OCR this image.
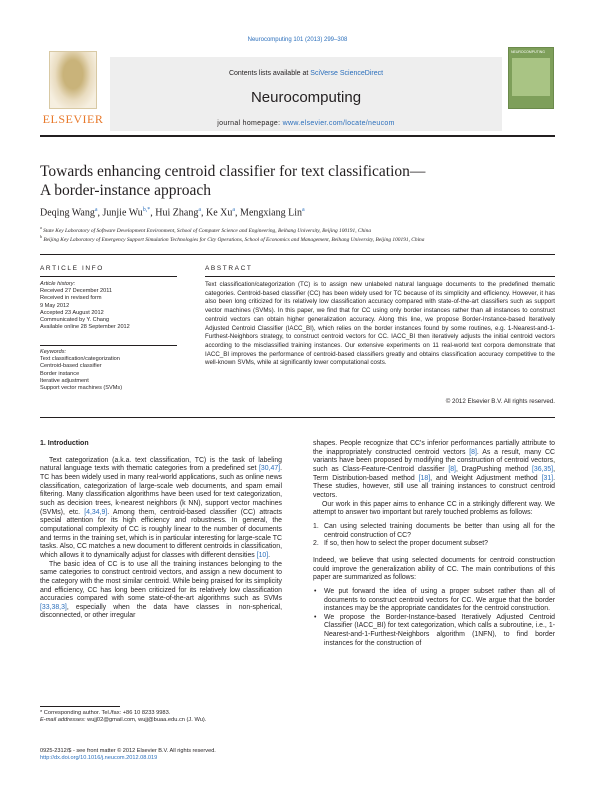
Neurocomputing 101 (2013) 299–308
ELSEVIER
Contents lists available at SciVerse ScienceDirect
Neurocomputing
journal homepage: www.elsevier.com/locate/neucom
NEUROCOMPUTING
Towards enhancing centroid classifier for text classification—
A border-instance approach
Deqing Wang$^a$, Junjie $Wu^{b,*}$, Hui Zhang$^a$, Ke Xu$^a$, Mengxiang Lin$^a$
$^a$ State Key Laboratory of Software Development Environment, School of Computer Science and Engineering, Beihang University, Beijing 100191, China
$^b$ Beijing Key Laboratory of Emergency Support Simulation Technologies for City Operations, School of Economics and Management, Beihang University, Beijing 100191, China
ARTICLE INFO
Article history:
Received 27 December 2011
Received in revised form
9 May 2012
Accepted 23 August 2012
Communicated by Y. Chang
Available online 28 September 2012
Keywords:
Text classification/categorization
Centroid-based classifier
Border instance
Iterative adjustment
Support vector machines (SVMs)
ABSTRACT
Text classification/categorization (TC) is to assign new unlabeled natural language documents to the predefined thematic categories. Centroid-based classifier (CC) has been widely used for TC because of its simplicity and efficiency. However, it has also been long criticized for its relatively low classification accuracy compared with state-of-the-art classifiers such as support vector machines (SVMs). In this paper, we find that for CC using only border instances rather than all instances to construct centroid vectors can obtain higher generalization accuracy. Along this line, we propose Border-Instance-based Iteratively Adjusted Centroid Classifier (IACC_BI), which relies on the border instances found by some routines, e.g. 1-Nearest-and-1-Furthest-Neighbors strategy, to construct centroid vectors for CC. IACC_BI then iteratively adjusts the initial centroid vectors according to the misclassified training instances. Our extensive experiments on 11 real-world text corpora demonstrate that IACC_BI improves the performance of centroid-based classifiers greatly and obtains classification accuracy competitive to the well-known SVMs, while at significantly lower computational costs.
© 2012 Elsevier B.V. All rights reserved.
1. Introduction

Text categorization (a.k.a. text classification, TC) is the task of labeling natural language texts with thematic categories from a predefined set [30,47]. TC has been widely used in many real-world applications, such as online news classification, categorization of large-scale web documents, and spam email filtering. Many classification algorithms have been used for text categorization, such as decision trees, k-nearest neighbors (k NN), support vector machines (SVMs), etc. [4,34,9]. Among them, centroid-based classifier (CC) attracts special attention for its high efficiency and robustness. In general, the computational complexity of CC is roughly linear to the number of documents and terms in the training set, which is in particular interesting for large-scale TC tasks. Also, CC matches a new document to different centroids in classification, which allows it to dynamically adjust for classes with different densities [10].

The basic idea of CC is to use all the training instances belonging to the same categories to construct centroid vectors, and assign a new document to the category with the most similar centroid. While being praised for its simplicity and efficiency, CC has long been criticized for its relatively low classification accuracies compared with some state-of-the-art algorithms such as SVMs [33,38,3], especially when the data have classes in non-spherical, disconnected, or other irregular

* Corresponding author. Tel./fax: +86 10 8233 9983.
E-mail addresses: wujj02@gmail.com, wujj@buaa.edu.cn (J. Wu).
0925-2312/$ - see front matter © 2012 Elsevier B.V. All rights reserved.
http://dx.doi.org/10.1016/j.neucom.2012.08.019

shapes. People recognize that CC's inferior performances partially attribute to the inappropriately constructed centroid vectors [8]. As a result, many CC variants have been proposed by modifying the construction of centroid vectors, such as Class-Feature-Centroid classifier [8], DragPushing method [36,35], Term Distribution-based method [18], and Weight Adjustment method [31]. These studies, however, still use all training instances to construct centroid vectors.

Our work in this paper aims to enhance CC in a strikingly different way. We attempt to answer two important but rarely touched problems as follows:

1. Can using selected training documents be better than using all for the centroid construction of CC?
2. If so, then how to select the proper document subset?

Indeed, we believe that using selected documents for centroid construction could improve the generalization ability of CC. The main contributions of this paper are summarized as follows:

• We put forward the idea of using a proper subset rather than all of documents to construct centroid vectors for CC. We argue that the border instances may be the appropriate candidates for the centroid construction.
• We propose the Border-Instance-based Iteratively Adjusted Centroid Classifier (IACC_BI) for text categorization, which calls a subroutine, i.e., 1-Nearest-and-1-Furthest-Neighbors algorithm (1NFN), to find border instances for the construction of
